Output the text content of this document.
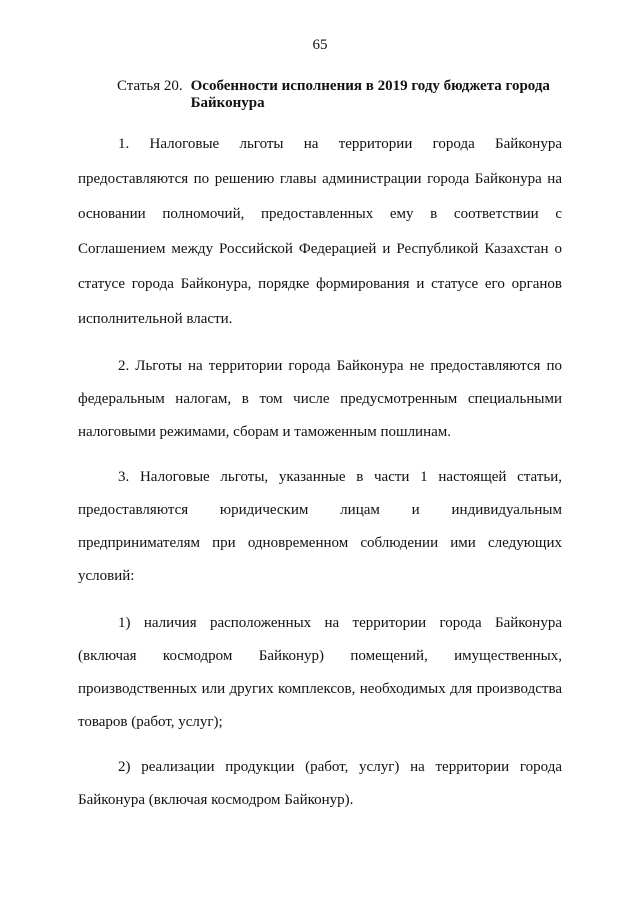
65
Статья 20. Особенности исполнения в 2019 году бюджета города Байконура

1. Налоговые льготы на территории города Байконура предоставляются по решению главы администрации города Байконура на основании полномочий, предоставленных ему в соответствии с Соглашением между Российской Федерацией и Республикой Казахстан о статусе города Байконура, порядке формирования и статусе его органов исполнительной власти.

2. Льготы на территории города Байконура не предоставляются по федеральным налогам, в том числе предусмотренным специальными налоговыми режимами, сборам и таможенным пошлинам.

3. Налоговые льготы, указанные в части 1 настоящей статьи, предоставляются юридическим лицам и индивидуальным предпринимателям при одновременном соблюдении ими следующих условий:

1) наличия расположенных на территории города Байконура (включая космодром Байконур) помещений, имущественных, производственных или других комплексов, необходимых для производства товаров (работ, услуг);

2) реализации продукции (работ, услуг) на территории города Байконура (включая космодром Байконур).
